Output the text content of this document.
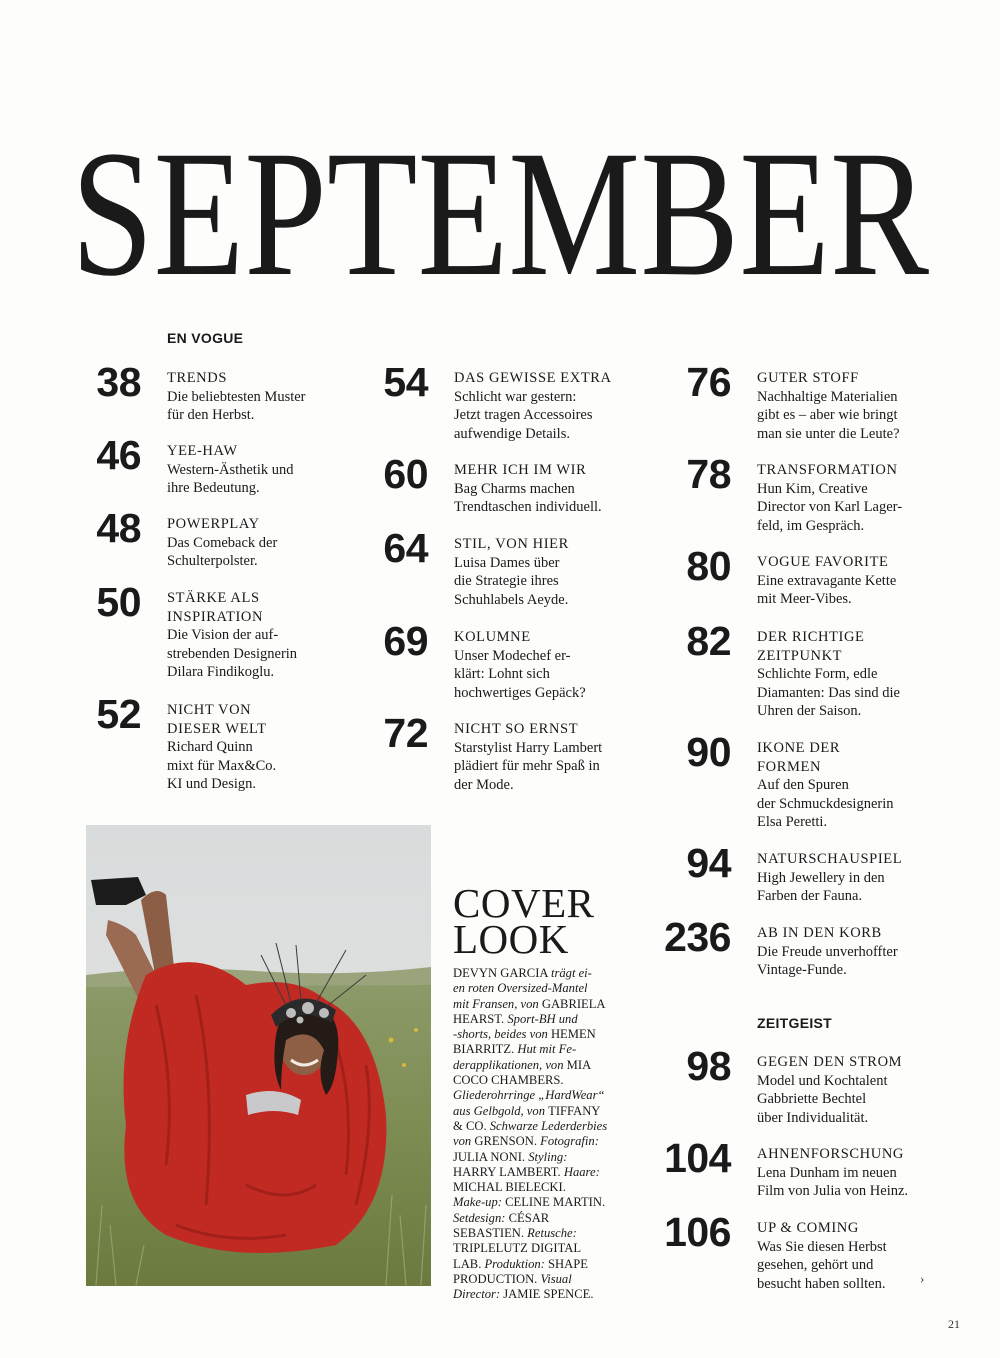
SEPTEMBER
EN VOGUE
ZEITGEIST
38 TRENDS
Die beliebtesten Muster
für den Herbst.
46 YEE-HAW
Western-Ästhetik und
ihre Bedeutung.
48 POWERPLAY
Das Comeback der
Schulterpolster.
50 STÄRKE ALS
INSPIRATION
Die Vision der auf-
strebenden Designerin
Dilara Findikoglu.
52 NICHT VON
DIESER WELT
Richard Quinn
mixt für Max&Co.
KI und Design.
54 DAS GEWISSE EXTRA
Schlicht war gestern:
Jetzt tragen Accessoires
aufwendige Details.
60 MEHR ICH IM WIR
Bag Charms machen
Trendtaschen individuell.
64 STIL, VON HIER
Luisa Dames über
die Strategie ihres
Schuhlabels Aeyde.
69 KOLUMNE
Unser Modechef er-
klärt: Lohnt sich
hochwertiges Gepäck?
72 NICHT SO ERNST
Starstylist Harry Lambert
plädiert für mehr Spaß in
der Mode.
76 GUTER STOFF
Nachhaltige Materialien
gibt es – aber wie bringt
man sie unter die Leute?
78 TRANSFORMATION
Hun Kim, Creative
Director von Karl Lager-
feld, im Gespräch.
80 VOGUE FAVORITE
Eine extravagante Kette
mit Meer-Vibes.
82 DER RICHTIGE
ZEITPUNKT
Schlichte Form, edle
Diamanten: Das sind die
Uhren der Saison.
90 IKONE DER
FORMEN
Auf den Spuren
der Schmuckdesignerin
Elsa Peretti.
94 NATURSCHAUSPIEL
High Jewellery in den
Farben der Fauna.
236 AB IN DEN KORB
Die Freude unverhoffter
Vintage-Funde.
98 GEGEN DEN STROM
Model und Kochtalent
Gabbriette Bechtel
über Individualität.
104 AHNENFORSCHUNG
Lena Dunham im neuen
Film von Julia von Heinz.
106 UP & COMING
Was Sie diesen Herbst
gesehen, gehört und
besucht haben sollten.
COVER
LOOK
DEVYN GARCIA trägt ei-
en roten Oversized-Mantel
mit Fransen, von GABRIELA
HEARST. Sport-BH und
-shorts, beides von HEMEN
BIARRITZ. Hut mit Fe-
derapplikationen, von MIA
COCO CHAMBERS.
Gliederohrringe „HardWear“
aus Gelbgold, von TIFFANY
& CO. Schwarze Lederderbies
von GRENSON. Fotografin:
JULIA NONI. Styling:
HARRY LAMBERT. Haare:
MICHAL BIELECKI.
Make-up: CELINE MARTIN.
Setdesign: CÉSAR
SEBASTIEN. Retusche:
TRIPLELUTZ DIGITAL
LAB. Produktion: SHAPE
PRODUCTION. Visual
Director: JAMIE SPENCE.
›
21
